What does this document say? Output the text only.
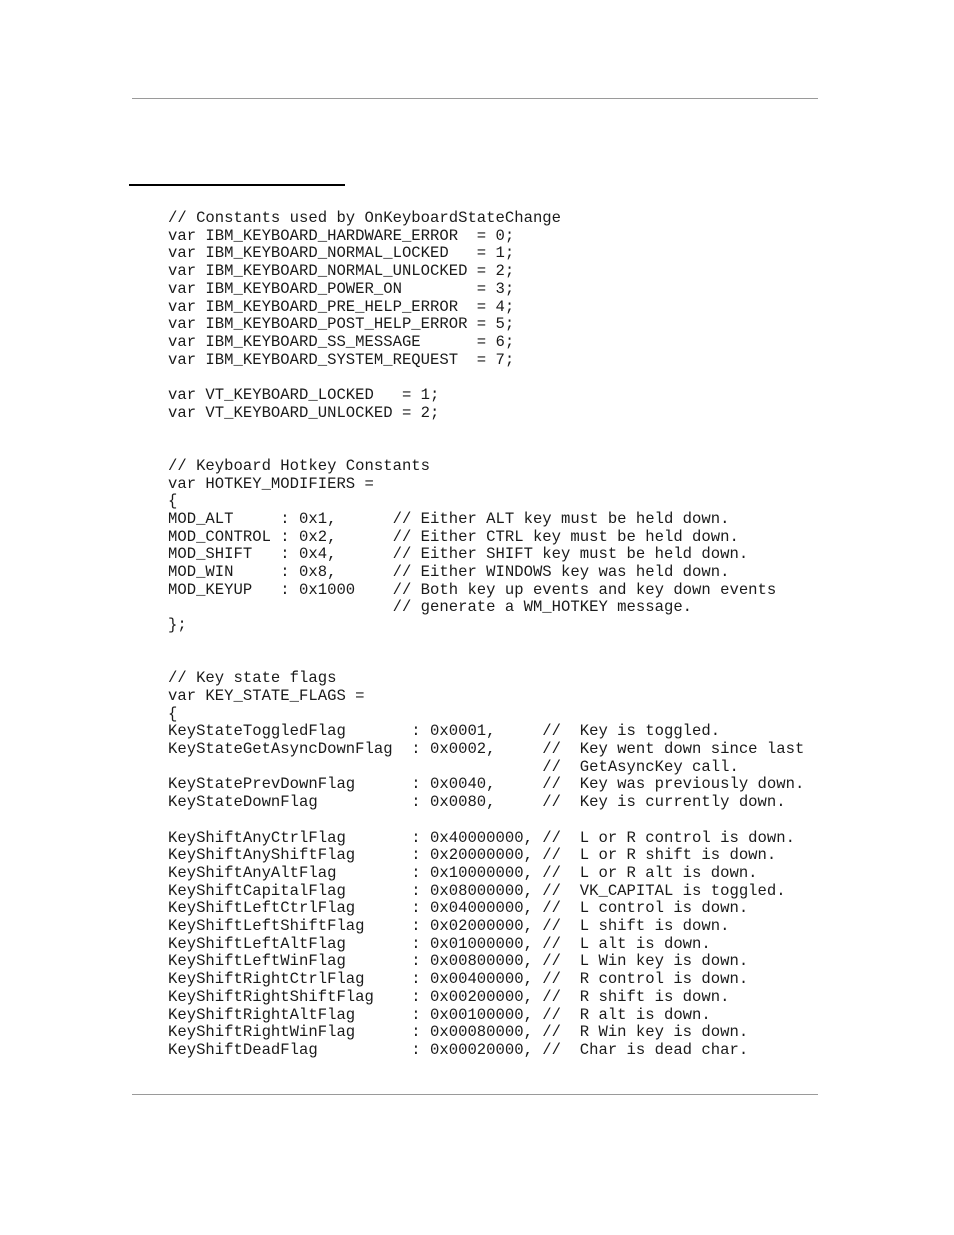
// Constants used by OnKeyboardStateChange
var IBM_KEYBOARD_HARDWARE_ERROR  = 0;
var IBM_KEYBOARD_NORMAL_LOCKED   = 1;
var IBM_KEYBOARD_NORMAL_UNLOCKED = 2;
var IBM_KEYBOARD_POWER_ON        = 3;
var IBM_KEYBOARD_PRE_HELP_ERROR  = 4;
var IBM_KEYBOARD_POST_HELP_ERROR = 5;
var IBM_KEYBOARD_SS_MESSAGE      = 6;
var IBM_KEYBOARD_SYSTEM_REQUEST  = 7;
var VT_KEYBOARD_LOCKED   = 1;
var VT_KEYBOARD_UNLOCKED = 2;
// Keyboard Hotkey Constants
var HOTKEY_MODIFIERS =
{
MOD_ALT     : 0x1,      // Either ALT key must be held down.
MOD_CONTROL : 0x2,      // Either CTRL key must be held down.
MOD_SHIFT   : 0x4,      // Either SHIFT key must be held down.
MOD_WIN     : 0x8,      // Either WINDOWS key was held down.
MOD_KEYUP   : 0x1000    // Both key up events and key down events
// generate a WM_HOTKEY message.
};
// Key state flags
var KEY_STATE_FLAGS =
{
KeyStateToggledFlag       : 0x0001,     //  Key is toggled.
KeyStateGetAsyncDownFlag  : 0x0002,     //  Key went down since last
//  GetAsyncKey call.
KeyStatePrevDownFlag      : 0x0040,     //  Key was previously down.
KeyStateDownFlag          : 0x0080,     //  Key is currently down.
KeyShiftAnyCtrlFlag       : 0x40000000, //  L or R control is down.
KeyShiftAnyShiftFlag      : 0x20000000, //  L or R shift is down.
KeyShiftAnyAltFlag        : 0x10000000, //  L or R alt is down.
KeyShiftCapitalFlag       : 0x08000000, //  VK_CAPITAL is toggled.
KeyShiftLeftCtrlFlag      : 0x04000000, //  L control is down.
KeyShiftLeftShiftFlag     : 0x02000000, //  L shift is down.
KeyShiftLeftAltFlag       : 0x01000000, //  L alt is down.
KeyShiftLeftWinFlag       : 0x00800000, //  L Win key is down.
KeyShiftRightCtrlFlag     : 0x00400000, //  R control is down.
KeyShiftRightShiftFlag    : 0x00200000, //  R shift is down.
KeyShiftRightAltFlag      : 0x00100000, //  R alt is down.
KeyShiftRightWinFlag      : 0x00080000, //  R Win key is down.
KeyShiftDeadFlag          : 0x00020000, //  Char is dead char.
